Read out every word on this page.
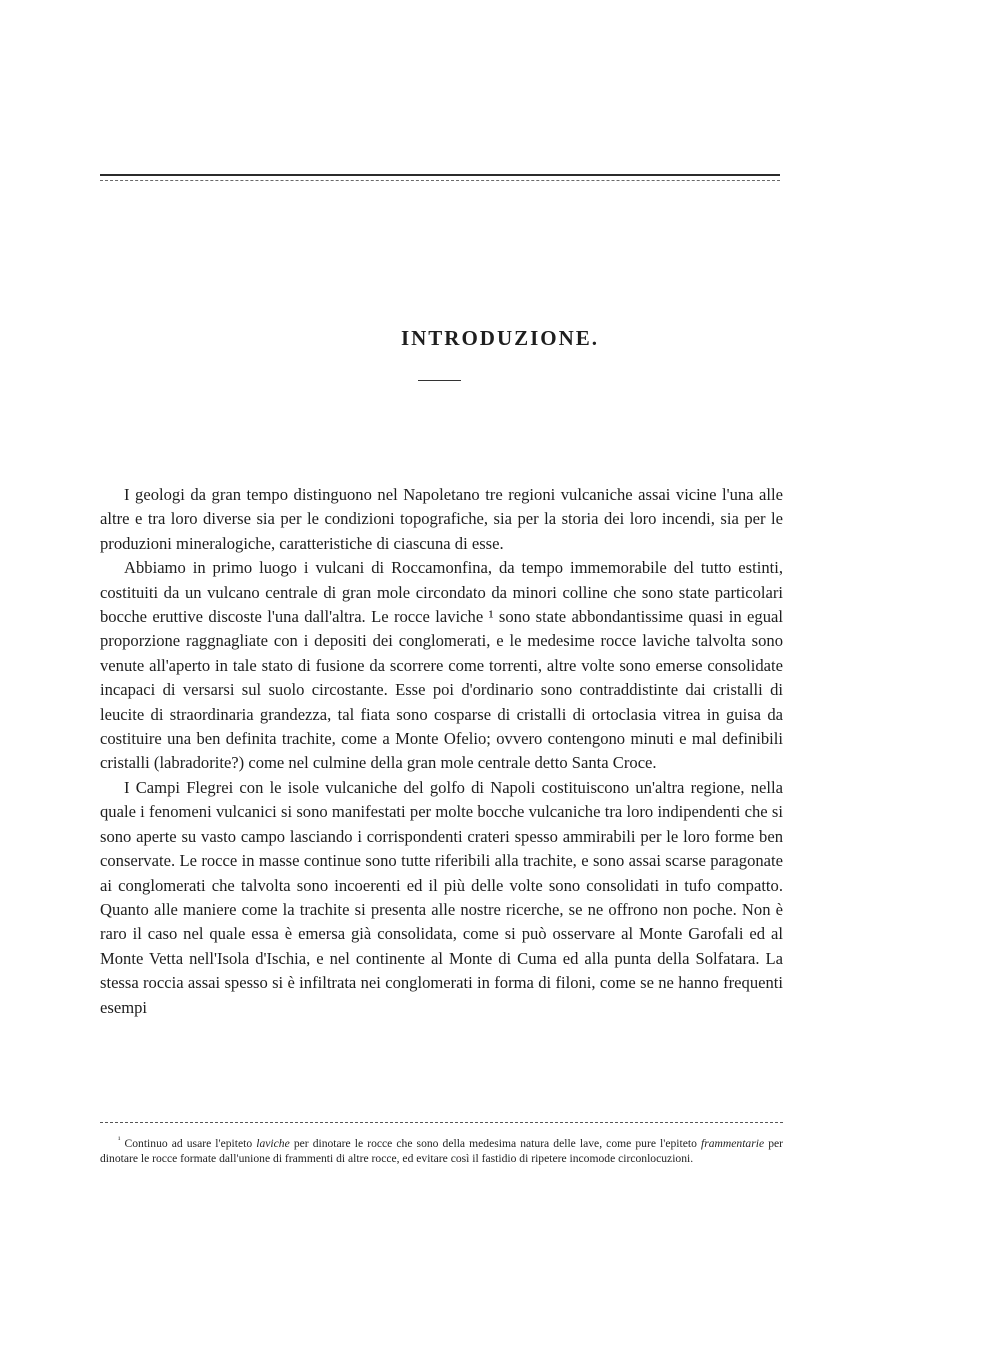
INTRODUZIONE.

I geologi da gran tempo distinguono nel Napoletano tre regioni vulcaniche assai vicine l'una alle altre e tra loro diverse sia per le condizioni topografiche, sia per la storia dei loro incendi, sia per le produzioni mineralogiche, caratteristiche di ciascuna di esse.

Abbiamo in primo luogo i vulcani di Roccamonfina, da tempo immemorabile del tutto estinti, costituiti da un vulcano centrale di gran mole circondato da minori colline che sono state particolari bocche eruttive discoste l'una dall'altra. Le rocce laviche ¹ sono state abbondantissime quasi in egual proporzione raggnagliate con i depositi dei conglomerati, e le medesime rocce laviche talvolta sono venute all'aperto in tale stato di fusione da scorrere come torrenti, altre volte sono emerse consolidate incapaci di versarsi sul suolo circostante. Esse poi d'ordinario sono contraddistinte dai cristalli di leucite di straordinaria grandezza, tal fiata sono cosparse di cristalli di ortoclasia vitrea in guisa da costituire una ben definita trachite, come a Monte Ofelio; ovvero contengono minuti e mal definibili cristalli (labradorite?) come nel culmine della gran mole centrale detto Santa Croce.

I Campi Flegrei con le isole vulcaniche del golfo di Napoli costituiscono un'altra regione, nella quale i fenomeni vulcanici si sono manifestati per molte bocche vulcaniche tra loro indipendenti che si sono aperte su vasto campo lasciando i corrispondenti crateri spesso ammirabili per le loro forme ben conservate. Le rocce in masse continue sono tutte riferibili alla trachite, e sono assai scarse paragonate ai conglomerati che talvolta sono incoerenti ed il più delle volte sono consolidati in tufo compatto. Quanto alle maniere come la trachite si presenta alle nostre ricerche, se ne offrono non poche. Non è raro il caso nel quale essa è emersa già consolidata, come si può osservare al Monte Garofali ed al Monte Vetta nell'Isola d'Ischia, e nel continente al Monte di Cuma ed alla punta della Solfatara. La stessa roccia assai spesso si è infiltrata nei conglomerati in forma di filoni, come se ne hanno frequenti esempi

$^{^1}$ Continuo ad usare l'epiteto laviche per dinotare le rocce che sono della medesima natura delle lave, come pure l'epiteto frammentarie per dinotare le rocce formate dall'unione di frammenti di altre rocce, ed evitare così il fastidio di ripetere incomode circonlocuzioni.
